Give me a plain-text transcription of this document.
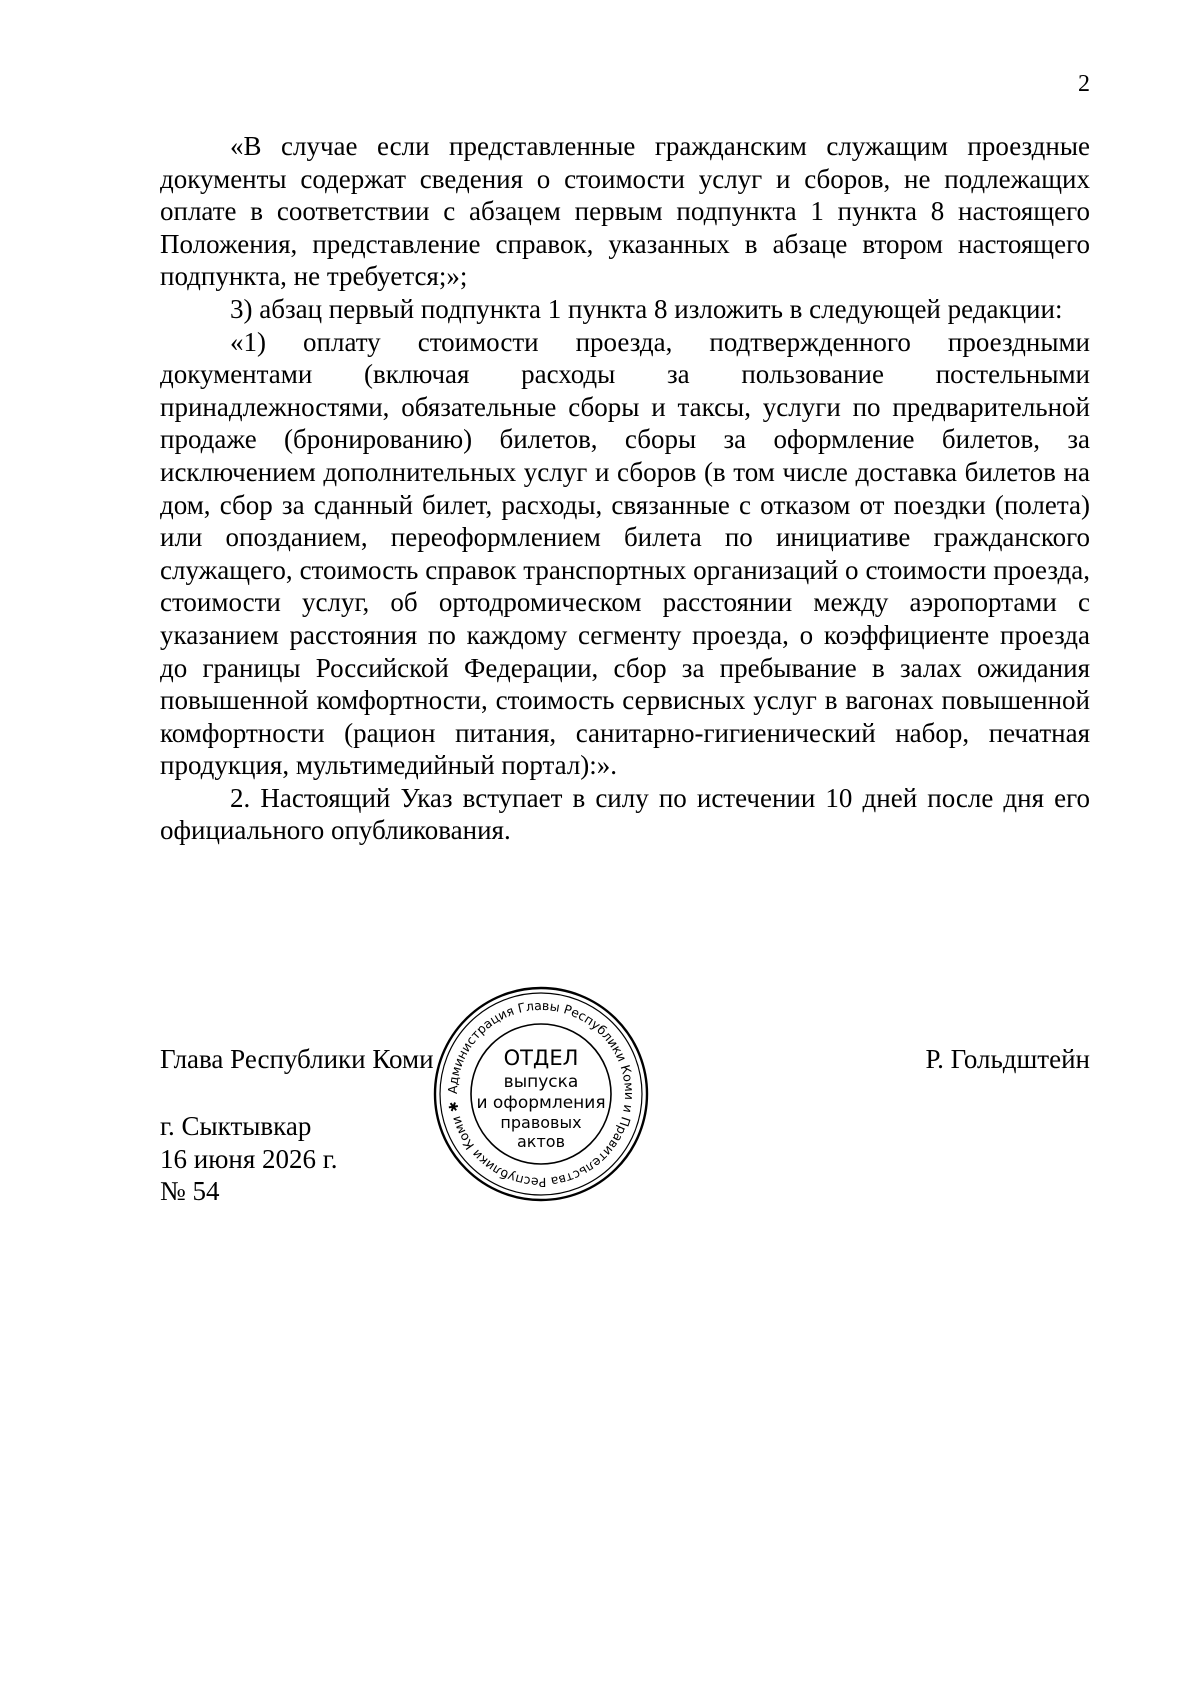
2

«В случае если представленные гражданским служащим проездные документы содержат сведения о стоимости услуг и сборов, не подлежащих оплате в соответствии с абзацем первым подпункта 1 пункта 8 настоящего Положения, представление справок, указанных в абзаце втором настоящего подпункта, не требуется;»;

3) абзац первый подпункта 1 пункта 8 изложить в следующей редакции:

«1) оплату стоимости проезда, подтвержденного проездными документами (включая расходы за пользование постельными принадлежностями, обязательные сборы и таксы, услуги по предварительной продаже (бронированию) билетов, сборы за оформление билетов, за исключением дополнительных услуг и сборов (в том числе доставка билетов на дом, сбор за сданный билет, расходы, связанные с отказом от поездки (полета) или опозданием, переоформлением билета по инициативе гражданского служащего, стоимость справок транспортных организаций о стоимости проезда, стоимости услуг, об ортодромическом расстоянии между аэропортами с указанием расстояния по каждому сегменту проезда, о коэффициенте проезда до границы Российской Федерации, сбор за пребывание в залах ожидания повышенной комфортности, стоимость сервисных услуг в вагонах повышенной комфортности (рацион питания, санитарно-гигиенический набор, печатная продукция, мультимедийный портал):».

2. Настоящий Указ вступает в силу по истечении 10 дней после дня его официального опубликования.

Глава Республики Коми	Р. Гольдштейн
г. Сыктывкар
16 июня 2026 г.
№ 54
Администрация Главы Республики Коми и Правительства Республики Коми ✱
ОТДЕЛ
выпуска
и оформления
правовых
актов
